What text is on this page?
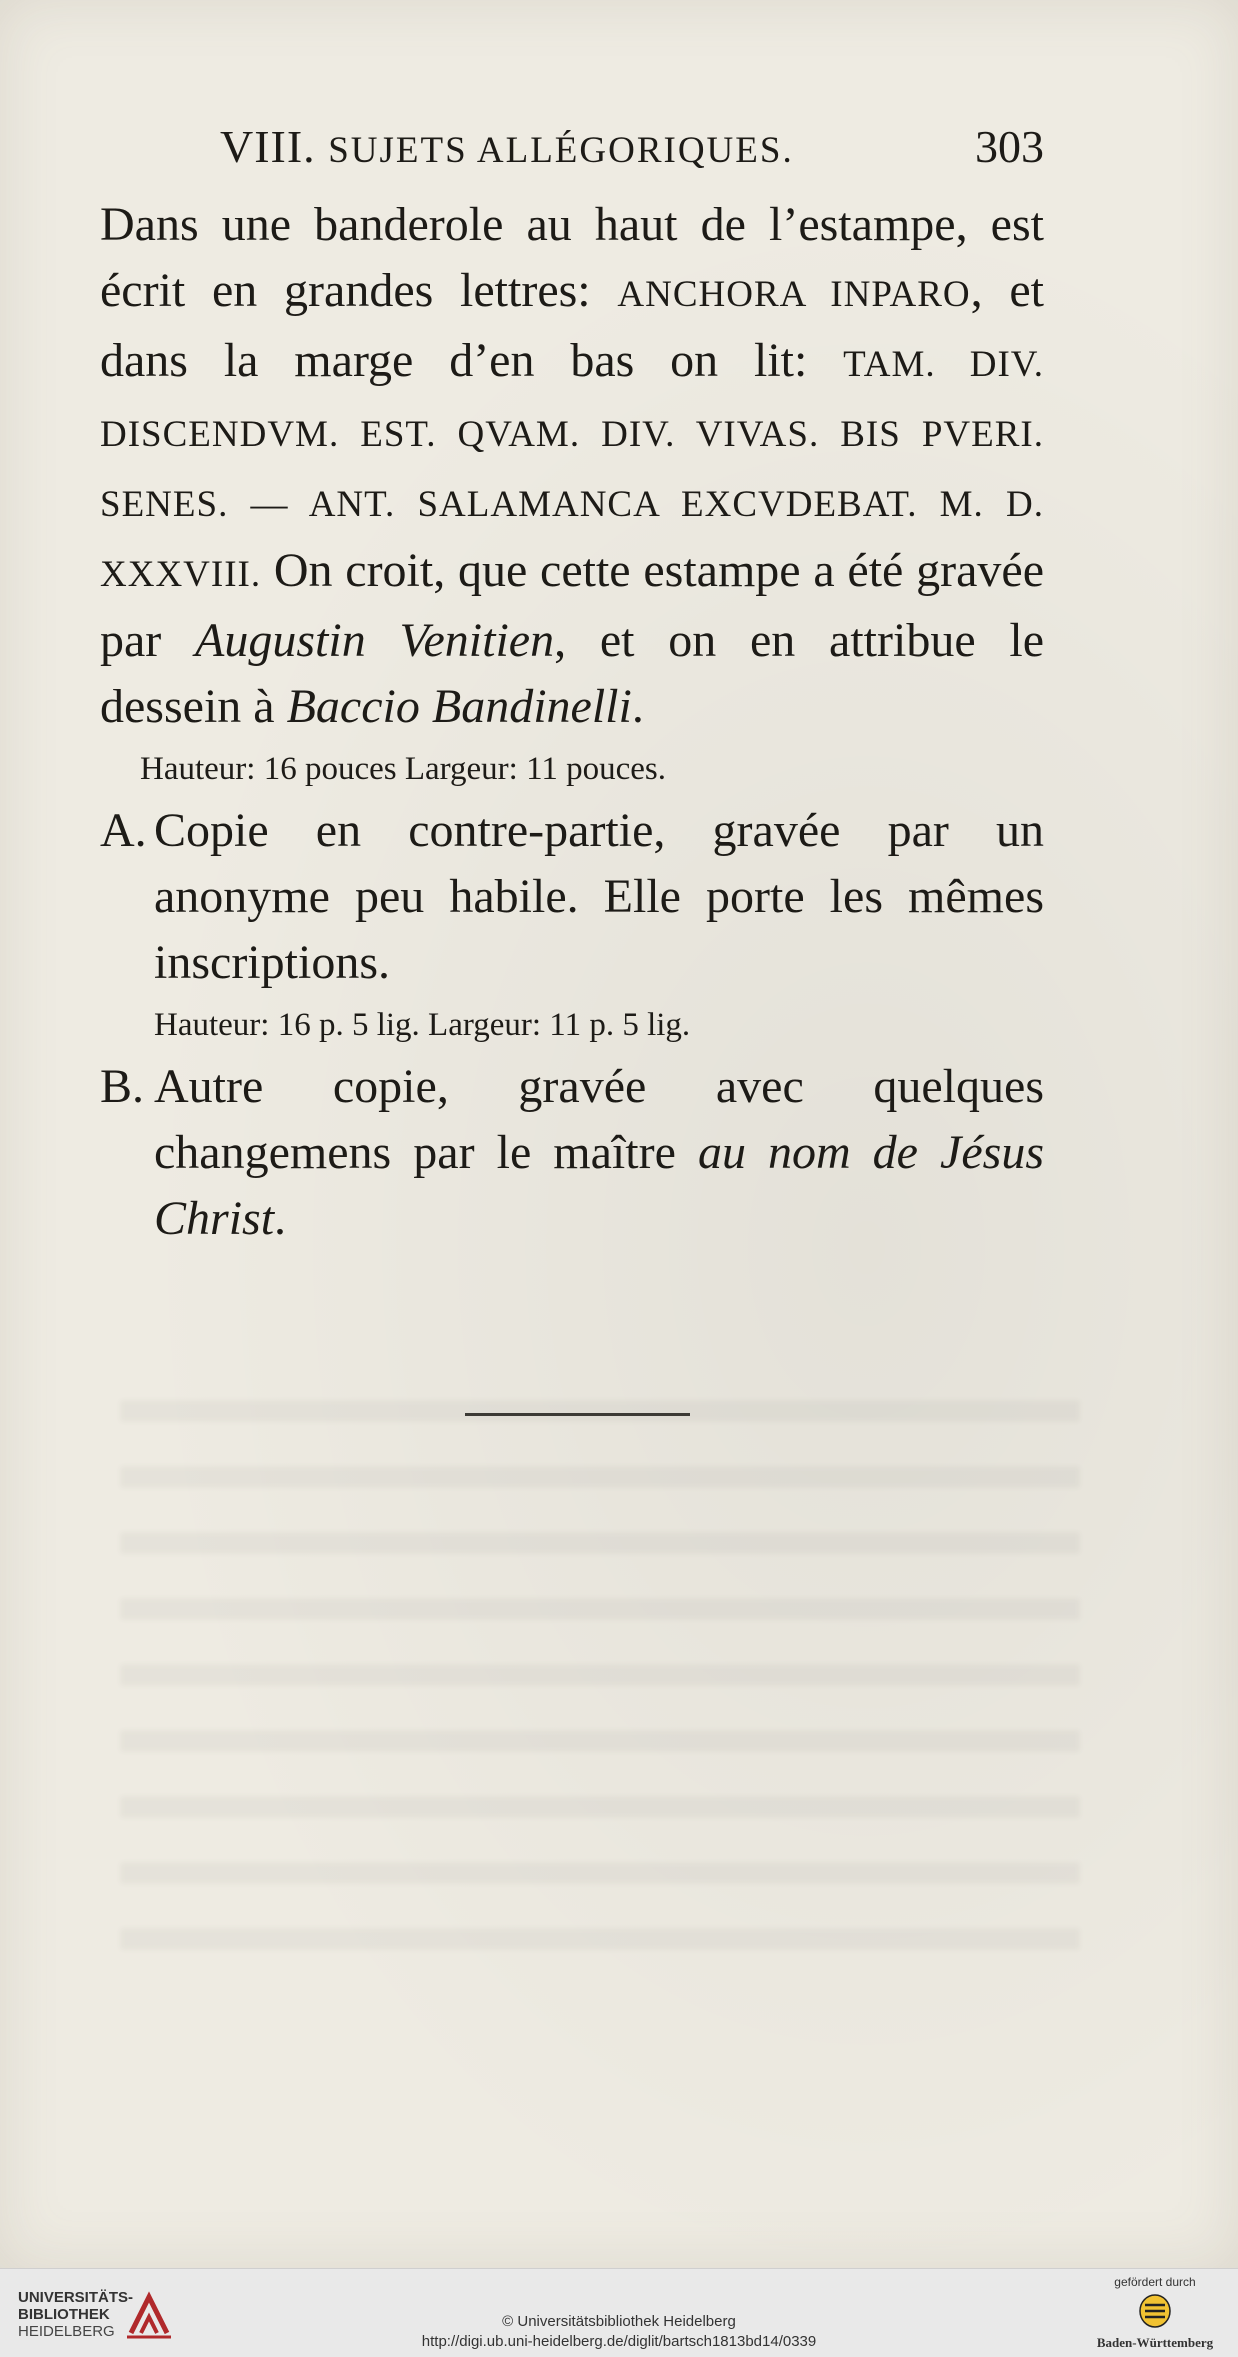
VIII. SUJETS ALLÉGORIQUES.	303

Dans une banderole au haut de l’estampe, est écrit en grandes lettres: ANCHORA INPARO, et dans la marge d’en bas on lit: TAM. DIV. DISCENDVM. EST. QVAM. DIV. VIVAS. BIS PVERI. SENES. — ANT. SALAMANCA EXCVDEBAT. M. D. XXXVIII. On croit, que cette estampe a été gravée par Augustin Venitien, et on en attribue le dessein à Baccio Bandinelli.

Hauteur: 16 pouces Largeur: 11 pouces.

A. Copie en contre-partie, gravée par un anonyme peu habile. Elle porte les mêmes inscriptions.

Hauteur: 16 p. 5 lig. Largeur: 11 p. 5 lig.

B. Autre copie, gravée avec quelques changemens par le maître au nom de Jésus Christ.
UNIVERSITÄTS-
BIBLIOTHEK
HEIDELBERG
© Universitätsbibliothek Heidelberg
http://digi.ub.uni-heidelberg.de/diglit/bartsch1813bd14/0339
gefördert durch
Baden-Württemberg
